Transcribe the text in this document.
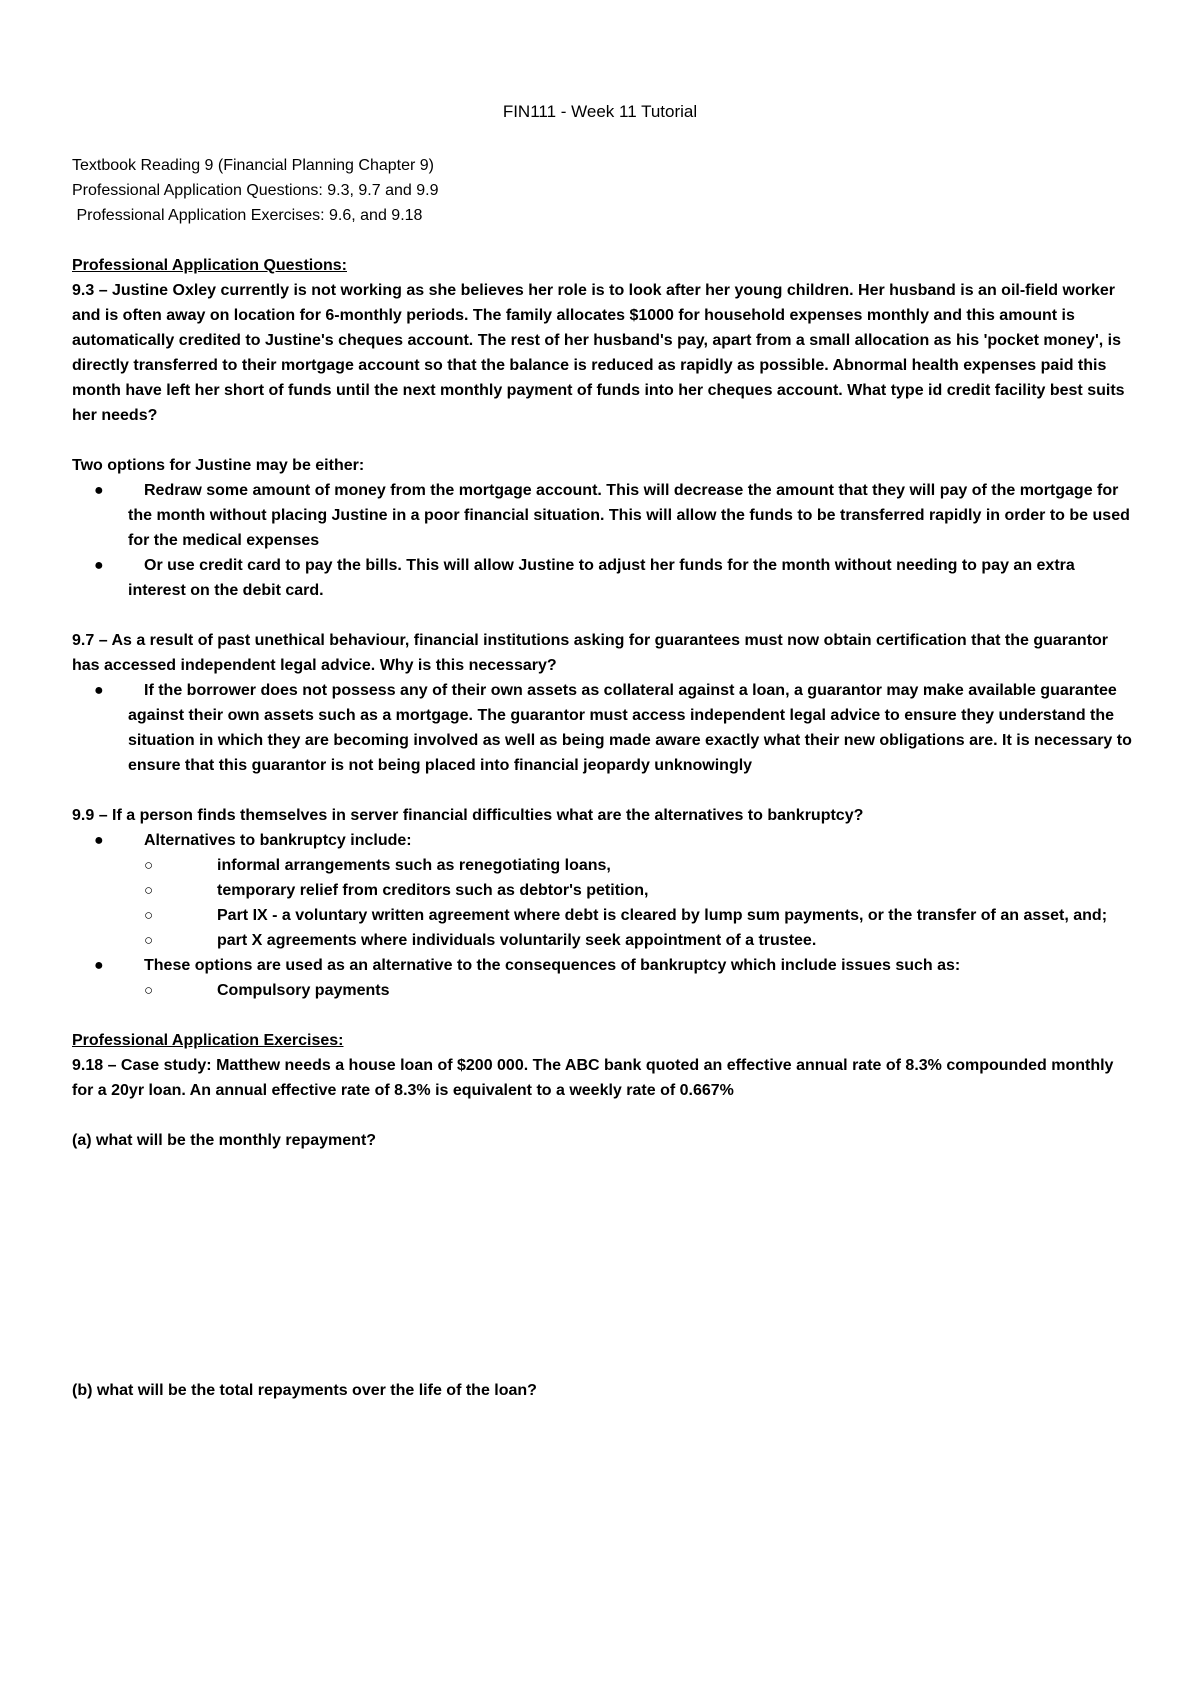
FIN111 - Week 11 Tutorial
Textbook Reading 9 (Financial Planning Chapter 9)
Professional Application Questions: 9.3, 9.7 and 9.9
Professional Application Exercises: 9.6, and 9.18
Professional Application Questions:
9.3 – Justine Oxley currently is not working as she believes her role is to look after her young children. Her husband is an oil-field worker and is often away on location for 6-monthly periods. The family allocates $1000 for household expenses monthly and this amount is automatically credited to Justine's cheques account. The rest of her husband's pay, apart from a small allocation as his 'pocket money', is directly transferred to their mortgage account so that the balance is reduced as rapidly as possible. Abnormal health expenses paid this month have left her short of funds until the next monthly payment of funds into her cheques account. What type id credit facility best suits her needs?
Two options for Justine may be either:
●	Redraw some amount of money from the mortgage account. This will decrease the amount that they will pay of the mortgage for the month without placing Justine in a poor financial situation. This will allow the funds to be transferred rapidly in order to be used for the medical expenses
●	Or use credit card to pay the bills. This will allow Justine to adjust her funds for the month without needing to pay an extra interest on the debit card.
9.7 – As a result of past unethical behaviour, financial institutions asking for guarantees must now obtain certification that the guarantor has accessed independent legal advice. Why is this necessary?
●	If the borrower does not possess any of their own assets as collateral against a loan, a guarantor may make available guarantee against their own assets such as a mortgage. The guarantor must access independent legal advice to ensure they understand the situation in which they are becoming involved as well as being made aware exactly what their new obligations are. It is necessary to ensure that this guarantor is not being placed into financial jeopardy unknowingly
9.9 – If a person finds themselves in server financial difficulties what are the alternatives to bankruptcy?
●	Alternatives to bankruptcy include:
○	informal arrangements such as renegotiating loans,
○	temporary relief from creditors such as debtor's petition,
○	Part IX - a voluntary written agreement where debt is cleared by lump sum payments, or the transfer of an asset, and;
○	part X agreements where individuals voluntarily seek appointment of a trustee.
●	These options are used as an alternative to the consequences of bankruptcy which include issues such as:
○	Compulsory payments
Professional Application Exercises:
9.18 – Case study: Matthew needs a house loan of $200 000. The ABC bank quoted an effective annual rate of 8.3% compounded monthly for a 20yr loan. An annual effective rate of 8.3% is equivalent to a weekly rate of 0.667%
(a) what will be the monthly repayment?
(b) what will be the total repayments over the life of the loan?
